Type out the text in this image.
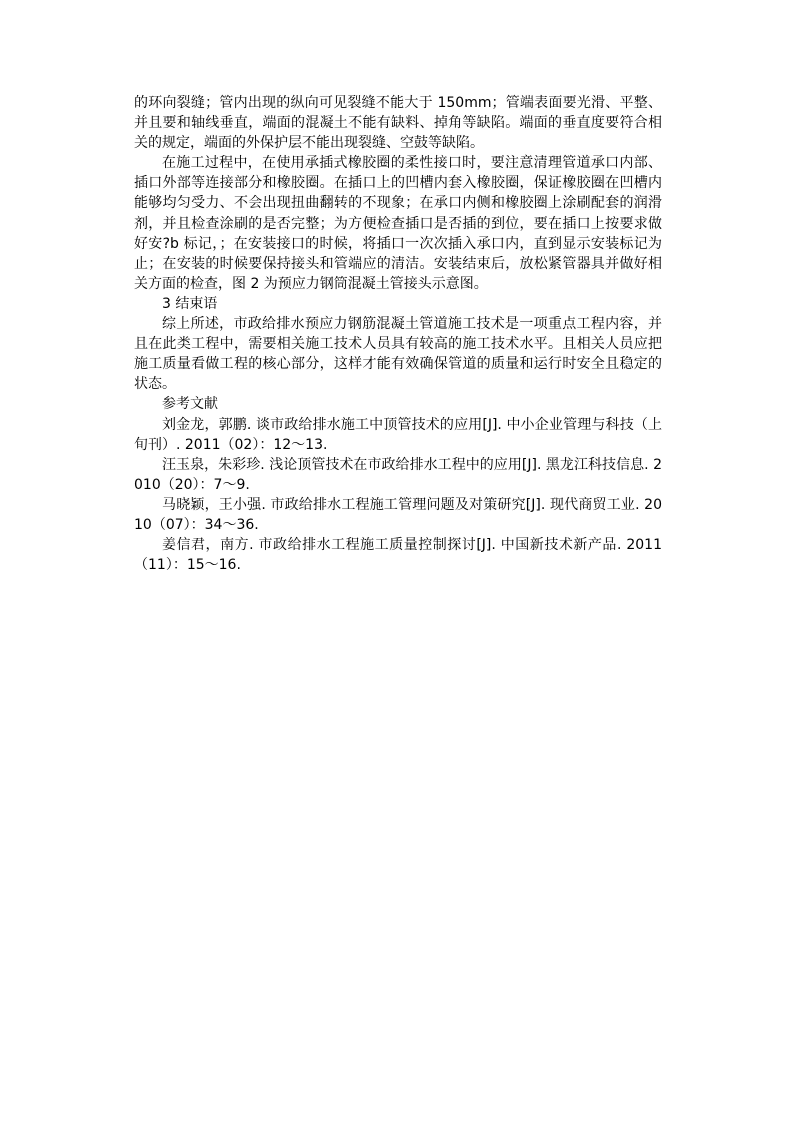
的环向裂缝；管内出现的纵向可见裂缝不能大于 150mm；管端表面要光滑、平整、并且要和轴线垂直，端面的混凝土不能有缺料、掉角等缺陷。端面的垂直度要符合相关的规定，端面的外保护层不能出现裂缝、空鼓等缺陷。

在施工过程中，在使用承插式橡胶圈的柔性接口时，要注意清理管道承口内部、插口外部等连接部分和橡胶圈。在插口上的凹槽内套入橡胶圈，保证橡胶圈在凹槽内能够均匀受力、不会出现扭曲翻转的不现象；在承口内侧和橡胶圈上涂刷配套的润滑剂，并且检查涂刷的是否完整；为方便检查插口是否插的到位，要在插口上按要求做好安?b 标记，；在安装接口的时候，将插口一次次插入承口内，直到显示安装标记为止；在安装的时候要保持接头和管端应的清洁。安装结束后，放松紧管器具并做好相关方面的检查，图 2 为预应力钢筒混凝土管接头示意图。

3 结束语

综上所述，市政给排水预应力钢筋混凝土管道施工技术是一项重点工程内容，并且在此类工程中，需要相关施工技术人员具有较高的施工技术水平。且相关人员应把施工质量看做工程的核心部分，这样才能有效确保管道的质量和运行时安全且稳定的状态。

参考文献

刘金龙，郭鹏. 谈市政给排水施工中顶管技术的应用[J]. 中小企业管理与科技（上旬刊）. 2011（02）：12～13.

汪玉泉，朱彩珍. 浅论顶管技术在市政给排水工程中的应用[J]. 黑龙江科技信息. 2010（20）：7～9.

马晓颖，王小强. 市政给排水工程施工管理问题及对策研究[J]. 现代商贸工业. 2010（07）：34～36.

姜信君，南方. 市政给排水工程施工质量控制探讨[J]. 中国新技术新产品. 2011（11）：15～16.
